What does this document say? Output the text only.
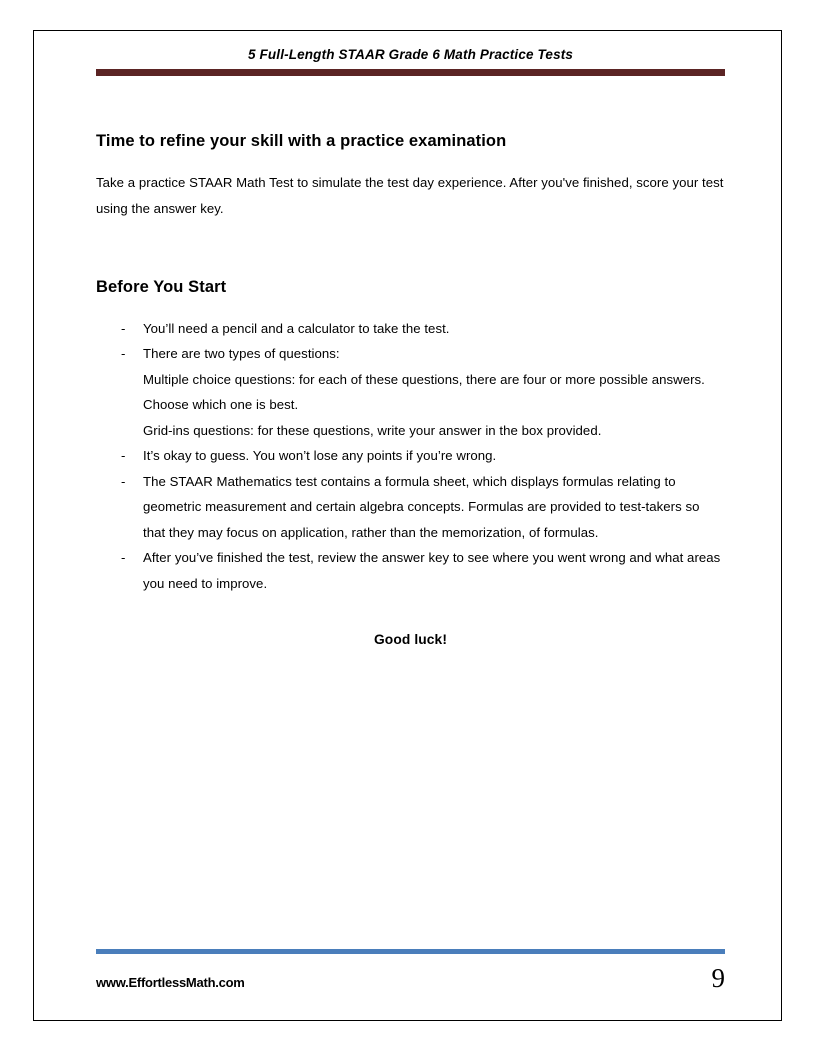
5 Full-Length STAAR Grade 6 Math Practice Tests
Time to refine your skill with a practice examination
Take a practice STAAR Math Test to simulate the test day experience. After you've finished, score your test using the answer key.
Before You Start
- You’ll need a pencil and a calculator to take the test.
- There are two types of questions:
Multiple choice questions: for each of these questions, there are four or more possible answers. Choose which one is best.
Grid-ins questions: for these questions, write your answer in the box provided.
- It’s okay to guess. You won’t lose any points if you’re wrong.
- The STAAR Mathematics test contains a formula sheet, which displays formulas relating to geometric measurement and certain algebra concepts. Formulas are provided to test-takers so that they may focus on application, rather than the memorization, of formulas.
- After you’ve finished the test, review the answer key to see where you went wrong and what areas you need to improve.
Good luck!
www.EffortlessMath.com	9
